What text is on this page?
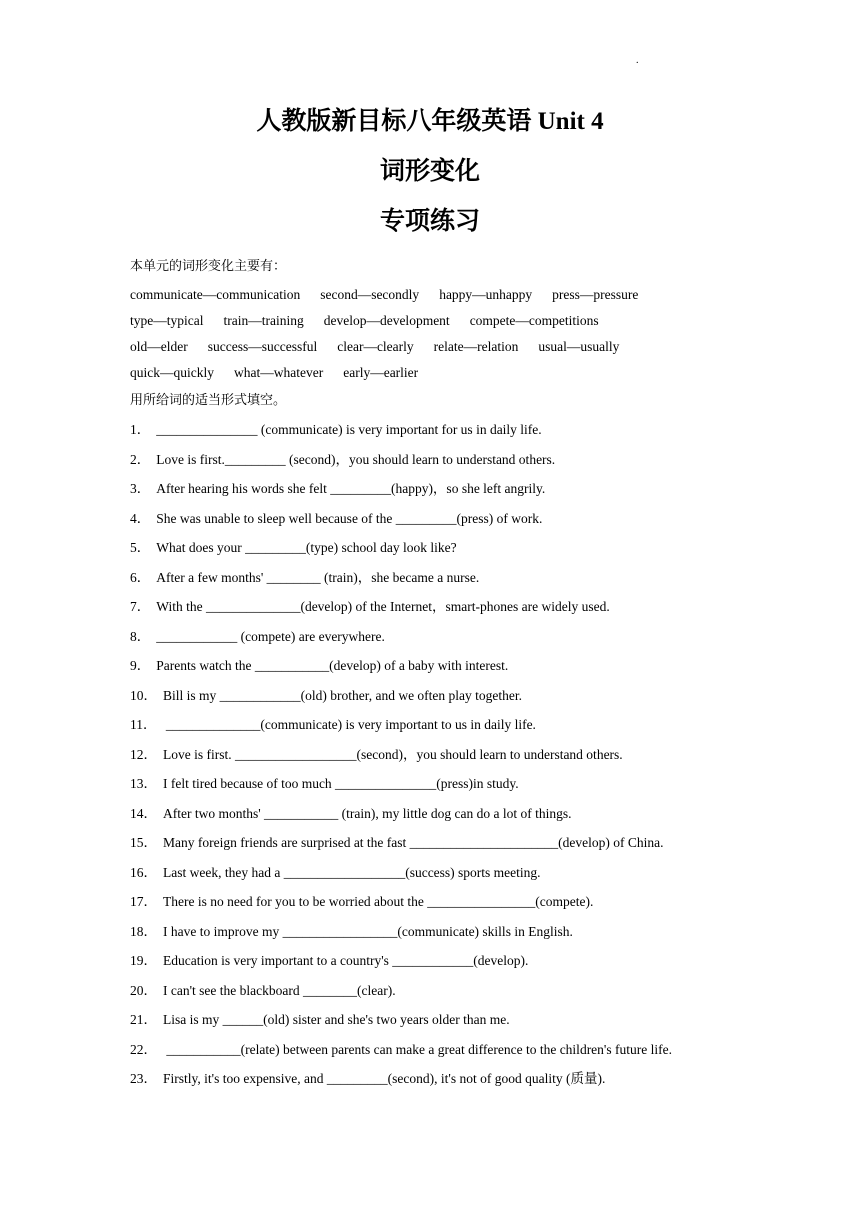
.
人教版新目标八年级英语 Unit 4
词形变化
专项练习
本单元的词形变化主要有：
communicate—communication second—secondly happy—unhappy press—pressure
type—typical train—training develop—development compete—competitions
old—elder success—successful clear—clearly relate—relation usual—usually
quick—quickly what—whatever early—earlier
用所给词的适当形式填空。
1． _______________ (communicate) is very important for us in daily life.
2． Love is first._________ (second)，you should learn to understand others.
3． After hearing his words she felt _________(happy)，so she left angrily.
4． She was unable to sleep well because of the _________(press) of work.
5． What does your _________(type) school day look like?
6． After a few months' ________ (train)，she became a nurse.
7． With the ______________(develop) of the Internet，smart-phones are widely used.
8． ____________ (compete) are everywhere.
9． Parents watch the ___________(develop) of a baby with interest.
10． Bill is my ____________(old) brother, and we often play together.
11． ______________(communicate) is very important to us in daily life.
12． Love is first. __________________(second)，you should learn to understand others.
13． I felt tired because of too much _______________(press)in study.
14． After two months' ___________ (train), my little dog can do a lot of things.
15． Many foreign friends are surprised at the fast ______________________(develop) of China.
16． Last week, they had a __________________(success) sports meeting.
17． There is no need for you to be worried about the ________________(compete).
18． I have to improve my _________________(communicate) skills in English.
19． Education is very important to a country's ____________(develop).
20． I can't see the blackboard ________(clear).
21． Lisa is my ______(old) sister and she's two years older than me.
22． ___________(relate) between parents can make a great difference to the children's future life.
23． Firstly, it's too expensive, and _________(second), it's not of good quality (质量).
